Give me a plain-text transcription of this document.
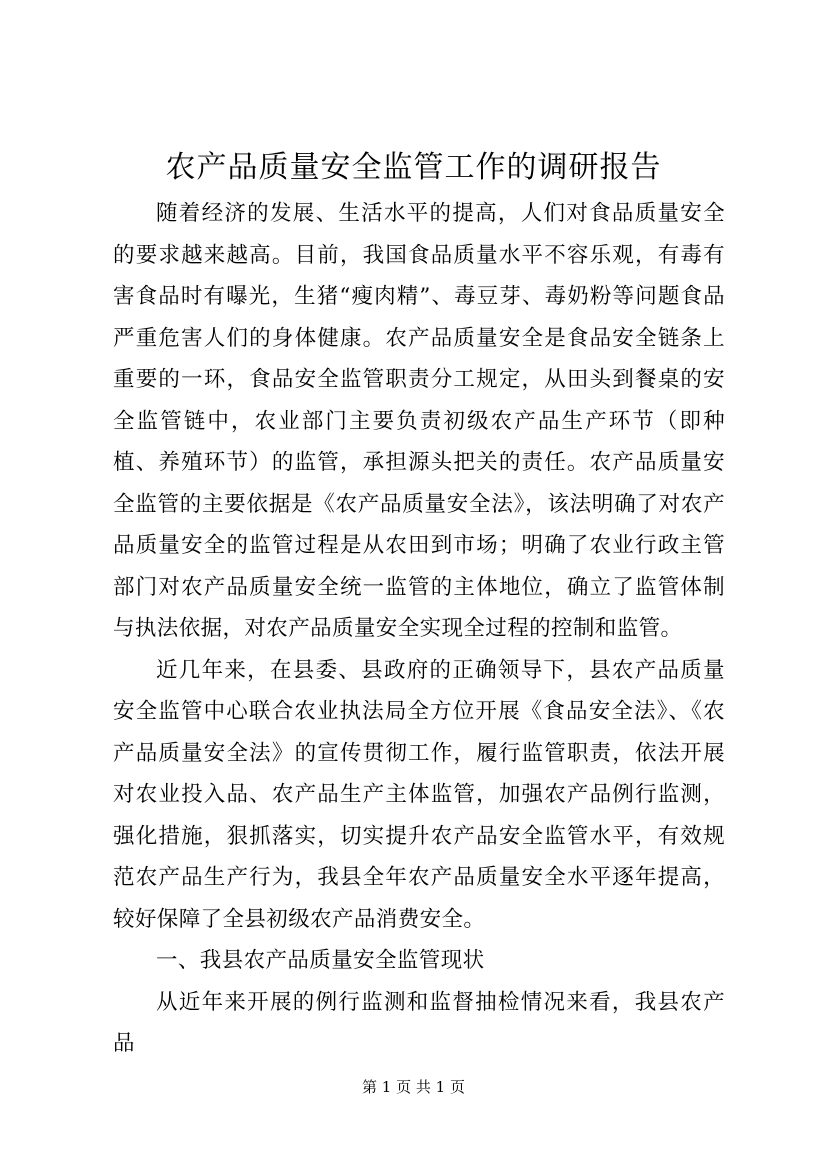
农产品质量安全监管工作的调研报告

随着经济的发展、生活水平的提高，人们对食品质量安全的要求越来越高。目前，我国食品质量水平不容乐观，有毒有害食品时有曝光，生猪“瘦肉精”、毒豆芽、毒奶粉等问题食品严重危害人们的身体健康。农产品质量安全是食品安全链条上重要的一环，食品安全监管职责分工规定，从田头到餐桌的安全监管链中，农业部门主要负责初级农产品生产环节（即种植、养殖环节）的监管，承担源头把关的责任。农产品质量安全监管的主要依据是《农产品质量安全法》，该法明确了对农产品质量安全的监管过程是从农田到市场；明确了农业行政主管部门对农产品质量安全统一监管的主体地位，确立了监管体制与执法依据，对农产品质量安全实现全过程的控制和监管。

近几年来，在县委、县政府的正确领导下，县农产品质量安全监管中心联合农业执法局全方位开展《食品安全法》、《农产品质量安全法》的宣传贯彻工作，履行监管职责，依法开展对农业投入品、农产品生产主体监管，加强农产品例行监测，强化措施，狠抓落实，切实提升农产品安全监管水平，有效规范农产品生产行为，我县全年农产品质量安全水平逐年提高，较好保障了全县初级农产品消费安全。

一、我县农产品质量安全监管现状

从近年来开展的例行监测和监督抽检情况来看，我县农产品

第 1 页 共 1 页
